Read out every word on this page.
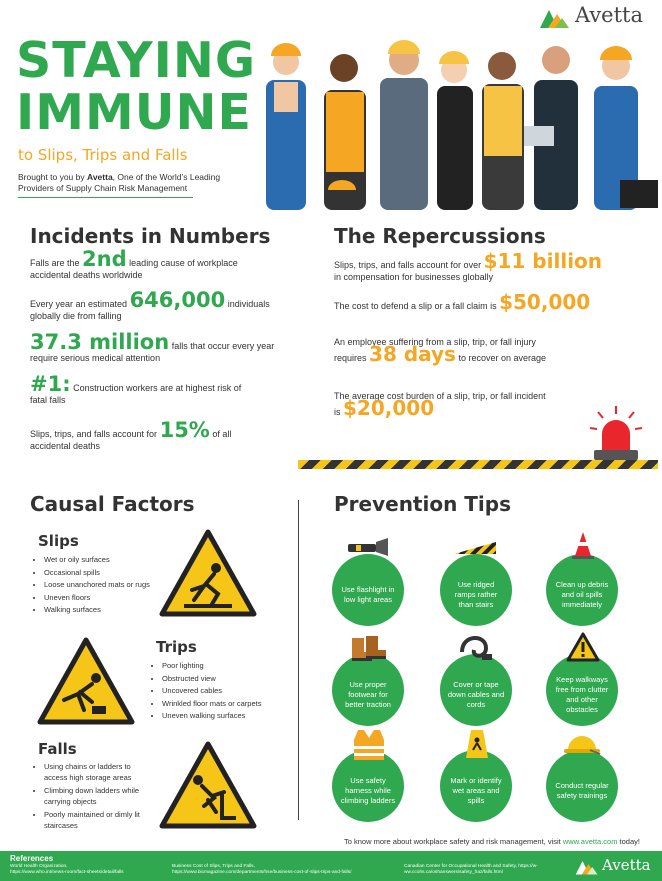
Avetta
STAYING
IMMUNE
to Slips, Trips and Falls
Brought to you by Avetta, One of the World’s Leading
Providers of Supply Chain Risk Management
Incidents in Numbers
Falls are the 2nd leading cause of workplace
accidental deaths worldwide
Every year an estimated 646,000 individuals
globally die from falling
37.3 million falls that occur every year
require serious medical attention
#1: Construction workers are at highest risk of
fatal falls
Slips, trips, and falls account for 15% of all
accidental deaths
The Repercussions
Slips, trips, and falls account for over $11 billion
in compensation for businesses globally
The cost to defend a slip or a fall claim is $50,000
An employee suffering from a slip, trip, or fall injury
requires 38 days to recover on average
The average cost burden of a slip, trip, or fall incident
is $20,000
Causal Factors
Slips
• Wet or oily surfaces
• Occasional spills
• Loose unanchored mats or rugs
• Uneven floors
• Walking surfaces
Trips
• Poor lighting
• Obstructed view
• Uncovered cables
• Wrinkled floor mats or carpets
• Uneven walking surfaces
Falls
• Using chains or ladders to access high storage areas
• Climbing down ladders while carrying objects
• Poorly maintained or dimly lit staircases
Prevention Tips
Use flashlight in low light areas
Use ridged ramps rather than stairs
Clean up debris and oil spills immediately
Use proper footwear for better traction
Cover or tape down cables and cords
Keep walkways free from clutter and other obstacles
Use safety harness while climbing ladders
Mark or identify wet areas and spills
Conduct regular safety trainings
To know more about workplace safety and risk management, visit www.avetta.com today!
References
World Health Organization,
https://www.who.int/news-room/fact-sheets/detail/falls
Business Cost of Slips, Trips and Falls,
https://www.bicmagazine.com/departments/hse/business-cost-of-slips-trips-and-falls/
Canadian Center for Occupational Health and Safety, https://w-
ww.ccohs.ca/oshanswers/safety_haz/falls.html	Avetta
